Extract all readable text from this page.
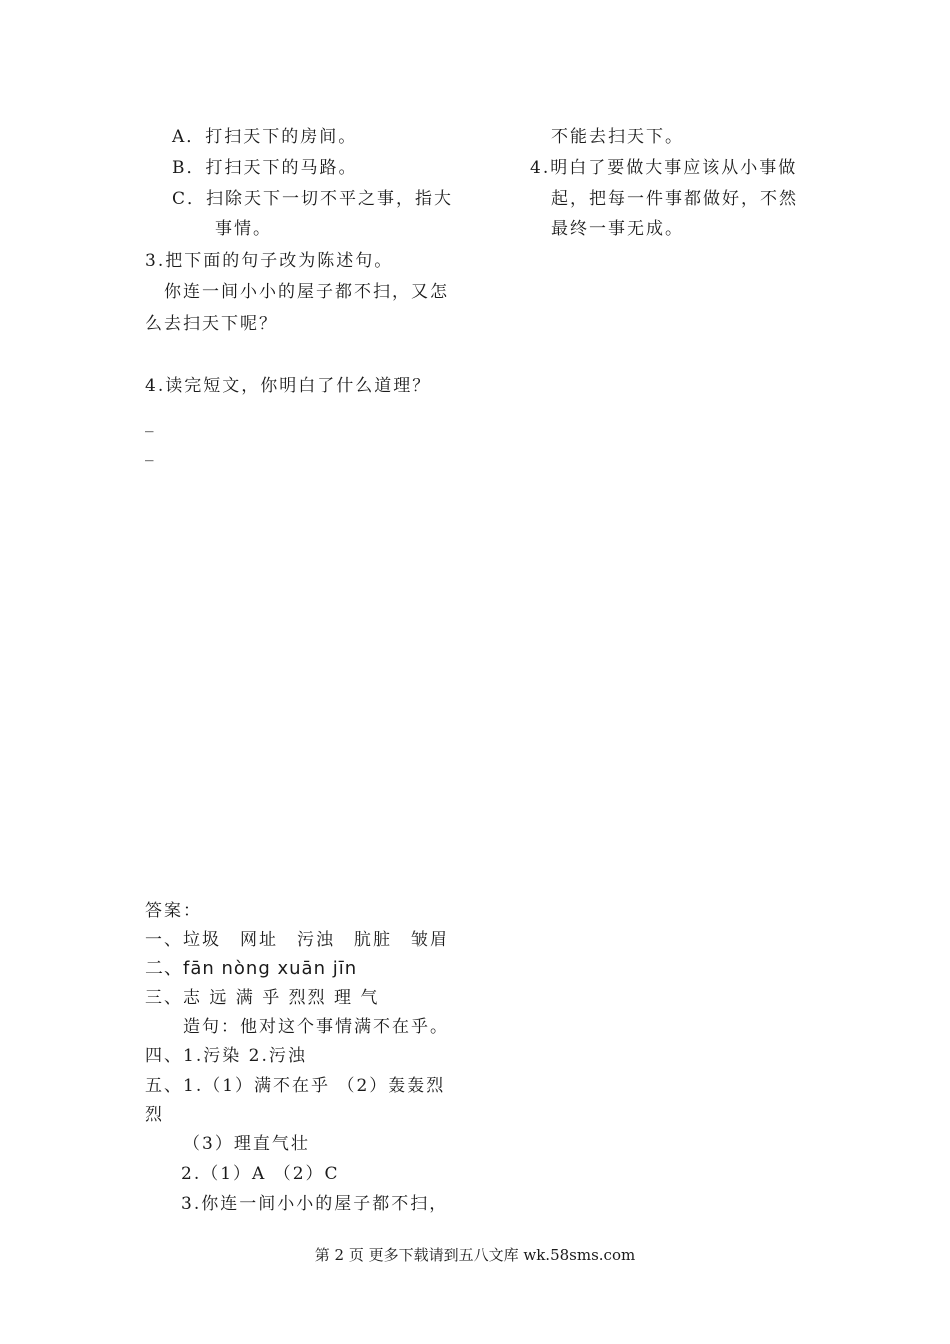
A．打扫天下的房间。
B．打扫天下的马路。
C．扫除天下一切不平之事，指大
事情。
3.把下面的句子改为陈述句。
你连一间小小的屋子都不扫，又怎
么去扫天下呢？
4.读完短文，你明白了什么道理？
_
_
不能去扫天下。
4.明白了要做大事应该从小事做
起，把每一件事都做好，不然
最终一事无成。
答案：
一、垃圾　网址　污浊　肮脏　皱眉
二、fān nòng xuān jīn
三、志 远 满 乎 烈烈 理 气
造句：他对这个事情满不在乎。
四、1.污染 2.污浊
五、1.（1）满不在乎 （2）轰轰烈
烈
（3）理直气壮
2.（1）A （2）C
3.你连一间小小的屋子都不扫，
第 2 页 更多下载请到五八文库 wk.58sms.com
